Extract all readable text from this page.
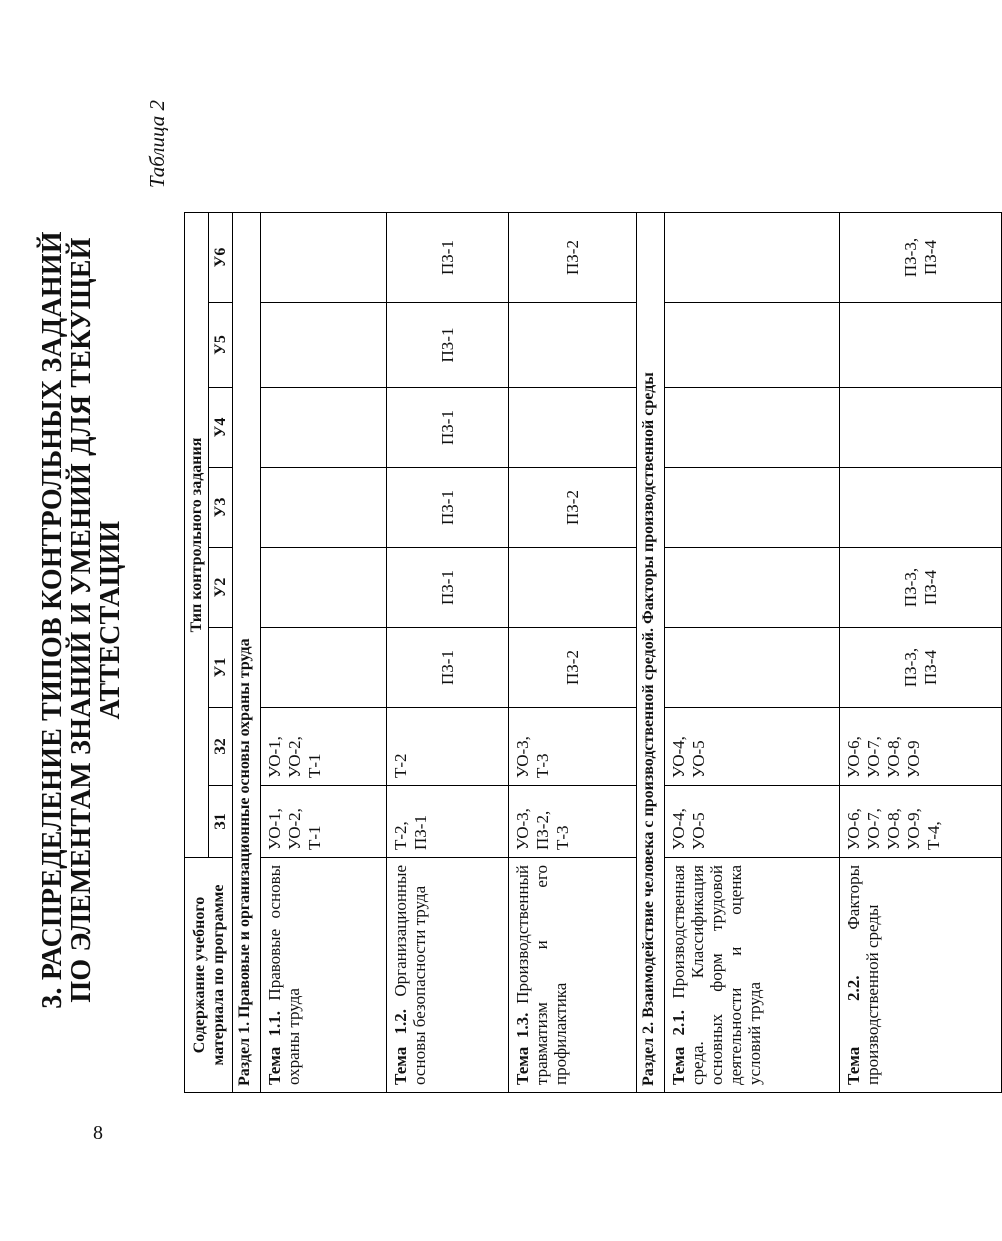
8
3. РАСПРЕДЕЛЕНИЕ ТИПОВ КОНТРОЛЬНЫХ ЗАДАНИЙ
ПО ЭЛЕМЕНТАМ ЗНАНИЙ И УМЕНИЙ ДЛЯ ТЕКУЩЕЙ
АТТЕСТАЦИИ
Таблица 2
Содержание учебного материала по программе	Тип контрольного задания							
	З1	З2	У1	У2	У3	У4	У5	У6
Раздел 1. Правовые и организационные основы охраны труда								
Тема 1.1. Правовые основы охраны труда	УО-1, УО-2, Т-1	УО-1, УО-2, Т-1						

Тема 1.2. Организационные основы безопасности труда	Т-2, ПЗ-1	Т-2	ПЗ-1	ПЗ-1	ПЗ-1	ПЗ-1	ПЗ-1	ПЗ-1

Тема 1.3. Производственный травматизм и его профилактика	УО-3, ПЗ-2, Т-3	УО-3, Т-3	ПЗ-2		ПЗ-2			ПЗ-2

Раздел 2. Взаимодействие человека с производственной средой. Факторы производственной среды								
Тема 2.1. Производственная среда. Классификация основных форм трудовой деятельности и оценка условий труда	УО-4, УО-5	УО-4, УО-5						

Тема 2.2. Факторы производственной среды	УО-6, УО-7, УО-8, УО-9, Т-4,	УО-6, УО-7, УО-8, УО-9	ПЗ-3, ПЗ-4	ПЗ-3, ПЗ-4				ПЗ-3, ПЗ-4
